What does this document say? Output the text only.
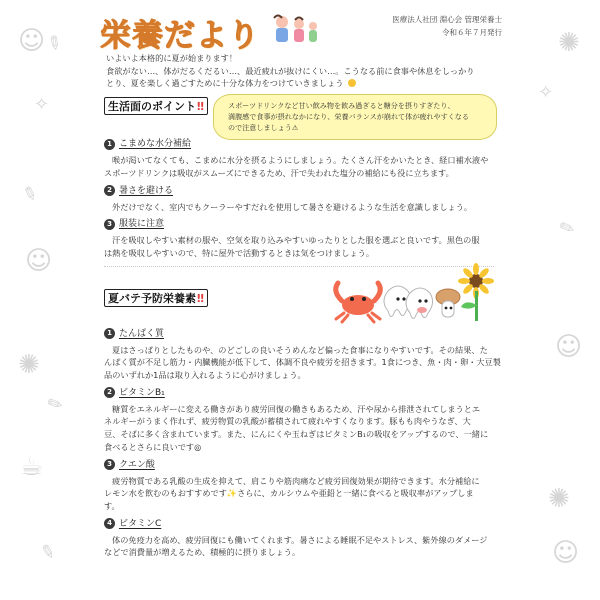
☺
✎
✧
✎
☺
✺
✎
☕
✎
✺
✧
✎
☺
✺
☺
栄養だより	医療法人社団 淵心会 管理栄養士
令和６年７月発行
いよいよ本格的に夏が始まります！
食欲がない…、体がだるくだるい…、最近疲れが抜けにくい…。こうなる前に食事や休息をしっかり
とり、夏を楽しく過ごすために十分な体力をつけていきましょう
生活面のポイント‼	スポーツドリンクなど甘い飲み物を飲み過ぎると糖分を摂りすぎたり、
満腹感で食事が摂れなかになり、栄養バランスが崩れて体が疲れやすくなる
ので注意しましょう⚠
1 こまめな水分補給
喉が渇いてなくても、こまめに水分を摂るようにしましょう。たくさん汗をかいたとき、経口補水液や
スポーツドリンクは吸収がスムーズにできるため、汗で失われた塩分の補給にも役に立ちます。
2 暑さを避ける
外だけでなく、室内でもクーラーやすだれを使用して暑さを避けるような生活を意識しましょう。
3 服装に注意
汗を吸収しやすい素材の服や、空気を取り込みやすいゆったりとした服を選ぶと良いです。黒色の服
は熱を吸収しやすいので、特に屋外で活動するときは気をつけましょう。
夏バテ予防栄養素‼
1 たんぱく質
夏はさっぱりとしたものや、のどごしの良いそうめんなど偏った食事になりやすいです。その結果、た
んぱく質が不足し筋力・内臓機能が低下して、体調不良や疲労を招きます。1食につき、魚・肉・卵・大豆製
品のいずれか1品は取り入れるように心がけましょう。
2 ビタミンB₁
糖質をエネルギーに変える働きがあり疲労回復の働きもあるため、汗や尿から排泄されてしまうとエ
ネルギーがうまく作れず、疲労物質の乳酸が蓄積されて疲れやすくなります。豚もも肉やうなぎ、大
豆、そばに多く含まれています。また、にんにくや玉ねぎはビタミンB₁の吸収をアップするので、一緒に
食べるとさらに良いです◎
3 クエン酸
疲労物質である乳酸の生成を抑えて、肩こりや筋肉痛など疲労回復効果が期待できます。水分補給に
レモン水を飲むのもおすすめです✨さらに、カルシウムや亜鉛と一緒に食べると吸収率がアップしま
す。
4 ビタミンC
体の免疫力を高め、疲労回復にも働いてくれます。暑さによる睡眠不足やストレス、紫外線のダメージ
などで消費量が増えるため、積極的に摂りましょう。
